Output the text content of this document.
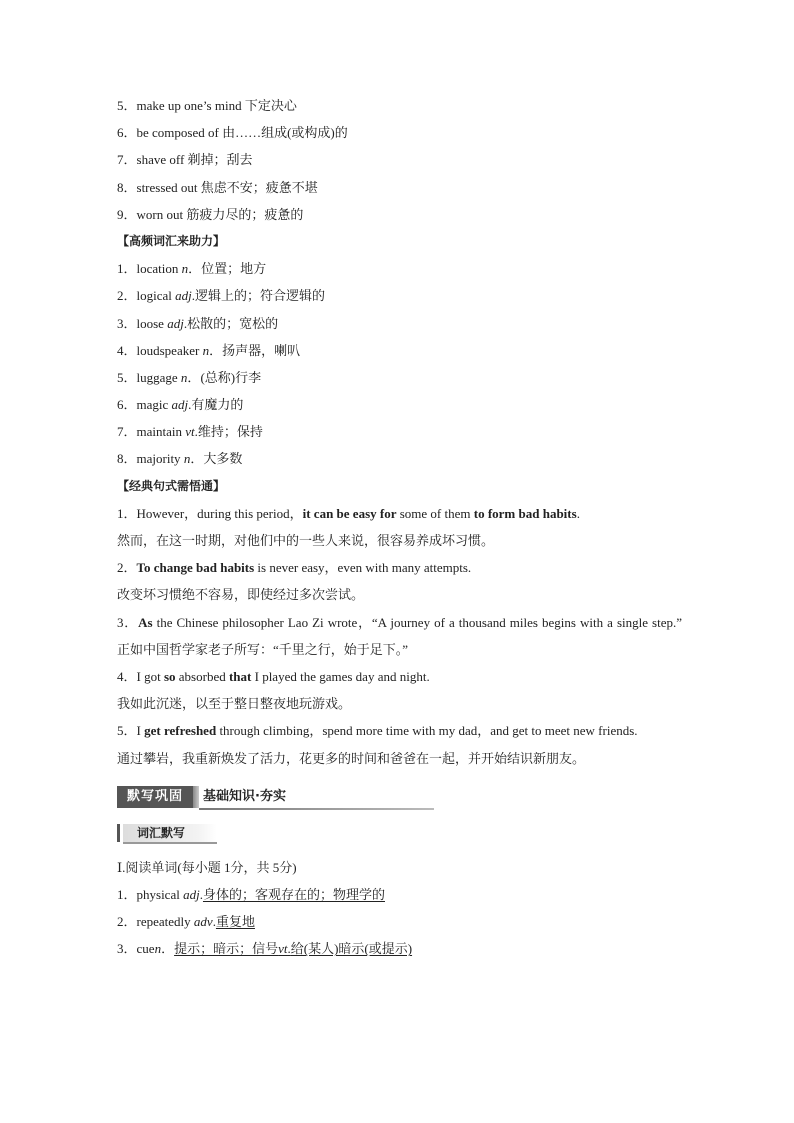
5．make up one’s mind 下定决心
6．be composed of 由……组成(或构成)的
7．shave off 剃掉；刮去
8．stressed out 焦虑不安；疲惫不堪
9．worn out 筋疲力尽的；疲惫的
【高频词汇来助力】
1．location n．位置；地方
2．logical adj.逻辑上的；符合逻辑的
3．loose adj.松散的；宽松的
4．loudspeaker n．扬声器，喇叭
5．luggage n．(总称)行李
6．magic adj.有魔力的
7．maintain vt.维持；保持
8．majority n．大多数
【经典句式需悟通】
1．However，during this period，it can be easy for some of them to form bad habits.
然而，在这一时期，对他们中的一些人来说，很容易养成坏习惯。
2．To change bad habits is never easy，even with many attempts.
改变坏习惯绝不容易，即使经过多次尝试。
3．As the Chinese philosopher Lao Zi wrote，“A journey of a thousand miles begins with a single step.”
正如中国哲学家老子所写：“千里之行，始于足下。”
4．I got so absorbed that I played the games day and night.
我如此沉迷，以至于整日整夜地玩游戏。
5．I get refreshed through climbing，spend more time with my dad，and get to meet new friends.
通过攀岩，我重新焕发了活力，花更多的时间和爸爸在一起，并开始结识新朋友。
默写巩固	基础知识·夯实
词汇默写
Ⅰ.阅读单词(每小题 1分，共 5分)
1．physical adj.身体的；客观存在的；物理学的
2．repeatedly adv.重复地
3．cuen．提示；暗示；信号vt.给(某人)暗示(或提示)
